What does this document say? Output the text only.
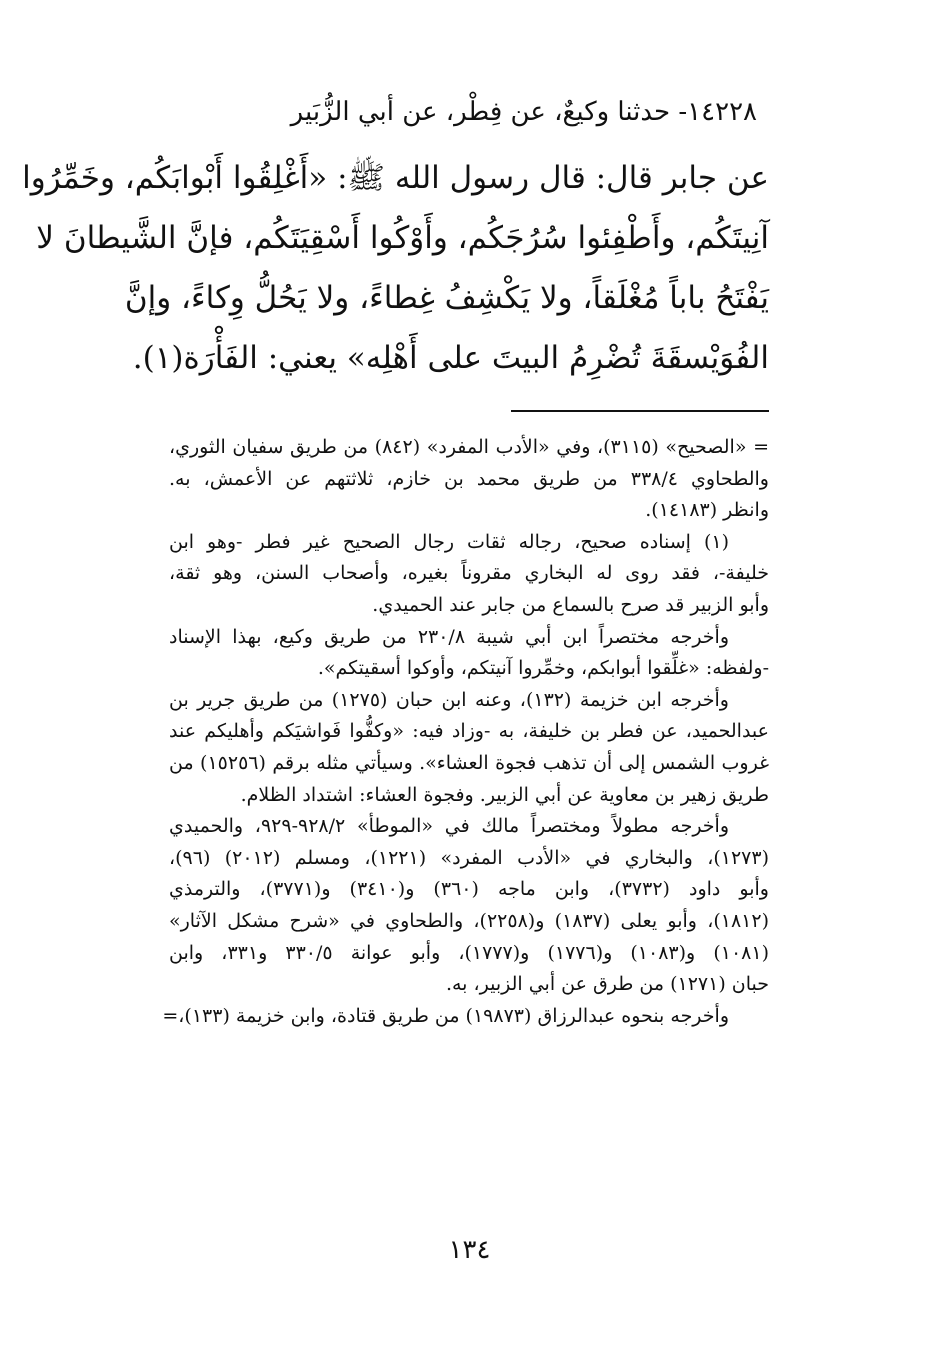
١٤٢٢٨- حدثنا وكيعٌ، عن فِطْر، عن أبي الزُّبَير
عن جابر قال: قال رسول الله ﷺ: «أَغْلِقُوا أَبْوابَكُم، وخَمِّرُوا
آنِيتَكُم، وأَطْفِئوا سُرُجَكُم، وأَوْكُوا أَسْقِيَتَكُم، فإنَّ الشَّيطانَ لا
يَفْتَحُ باباً مُغْلَقاً، ولا يَكْشِفُ غِطاءً، ولا يَحُلُّ وِكاءً، وإنَّ
الفُوَيْسقَةَ تُضْرِمُ البيتَ على أَهْلِه» يعني: الفَأْرَة(١).
= «الصحيح» (٣١١٥)، وفي «الأدب المفرد» (٨٤٢) من طريق سفيان الثوري،
والطحاوي ٣٣٨/٤ من طريق محمد بن خازم، ثلاثتهم عن الأعمش، به.
وانظر (١٤١٨٣).
(١) إسناده صحيح، رجاله ثقات رجال الصحيح غير فطر -وهو ابن
خليفة-، فقد روى له البخاري مقروناً بغيره، وأصحاب السنن، وهو ثقة،
وأبو الزبير قد صرح بالسماع من جابر عند الحميدي.
وأخرجه مختصراً ابن أبي شيبة ٢٣٠/٨ من طريق وكيع، بهذا الإسناد
-ولفظه: «غلِّقوا أبوابكم، وخمِّروا آنيتكم، وأوكوا أسقيتكم».
وأخرجه ابن خزيمة (١٣٢)، وعنه ابن حبان (١٢٧٥) من طريق جرير بن
عبدالحميد، عن فطر بن خليفة، به -وزاد فيه: «وكفُّوا فَواشيَكم وأهليكم عند
غروب الشمس إلى أن تذهب فجوة العشاء». وسيأتي مثله برقم (١٥٢٥٦) من
طريق زهير بن معاوية عن أبي الزبير. وفجوة العشاء: اشتداد الظلام.
وأخرجه مطولاً ومختصراً مالك في «الموطأ» ٩٢٨/٢-٩٢٩، والحميدي
(١٢٧٣)، والبخاري في «الأدب المفرد» (١٢٢١)، ومسلم (٢٠١٢) (٩٦)،
وأبو داود (٣٧٣٢)، وابن ماجه (٣٦٠) و(٣٤١٠) و(٣٧٧١)، والترمذي
(١٨١٢)، وأبو يعلى (١٨٣٧) و(٢٢٥٨)، والطحاوي في «شرح مشكل الآثار»
(١٠٨١) و(١٠٨٣) و(١٧٧٦) و(١٧٧٧)، وأبو عوانة ٣٣٠/٥ و٣٣١، وابن
حبان (١٢٧١) من طرق عن أبي الزبير، به.
وأخرجه بنحوه عبدالرزاق (١٩٨٧٣) من طريق قتادة، وابن خزيمة (١٣٣)،=
١٣٤
